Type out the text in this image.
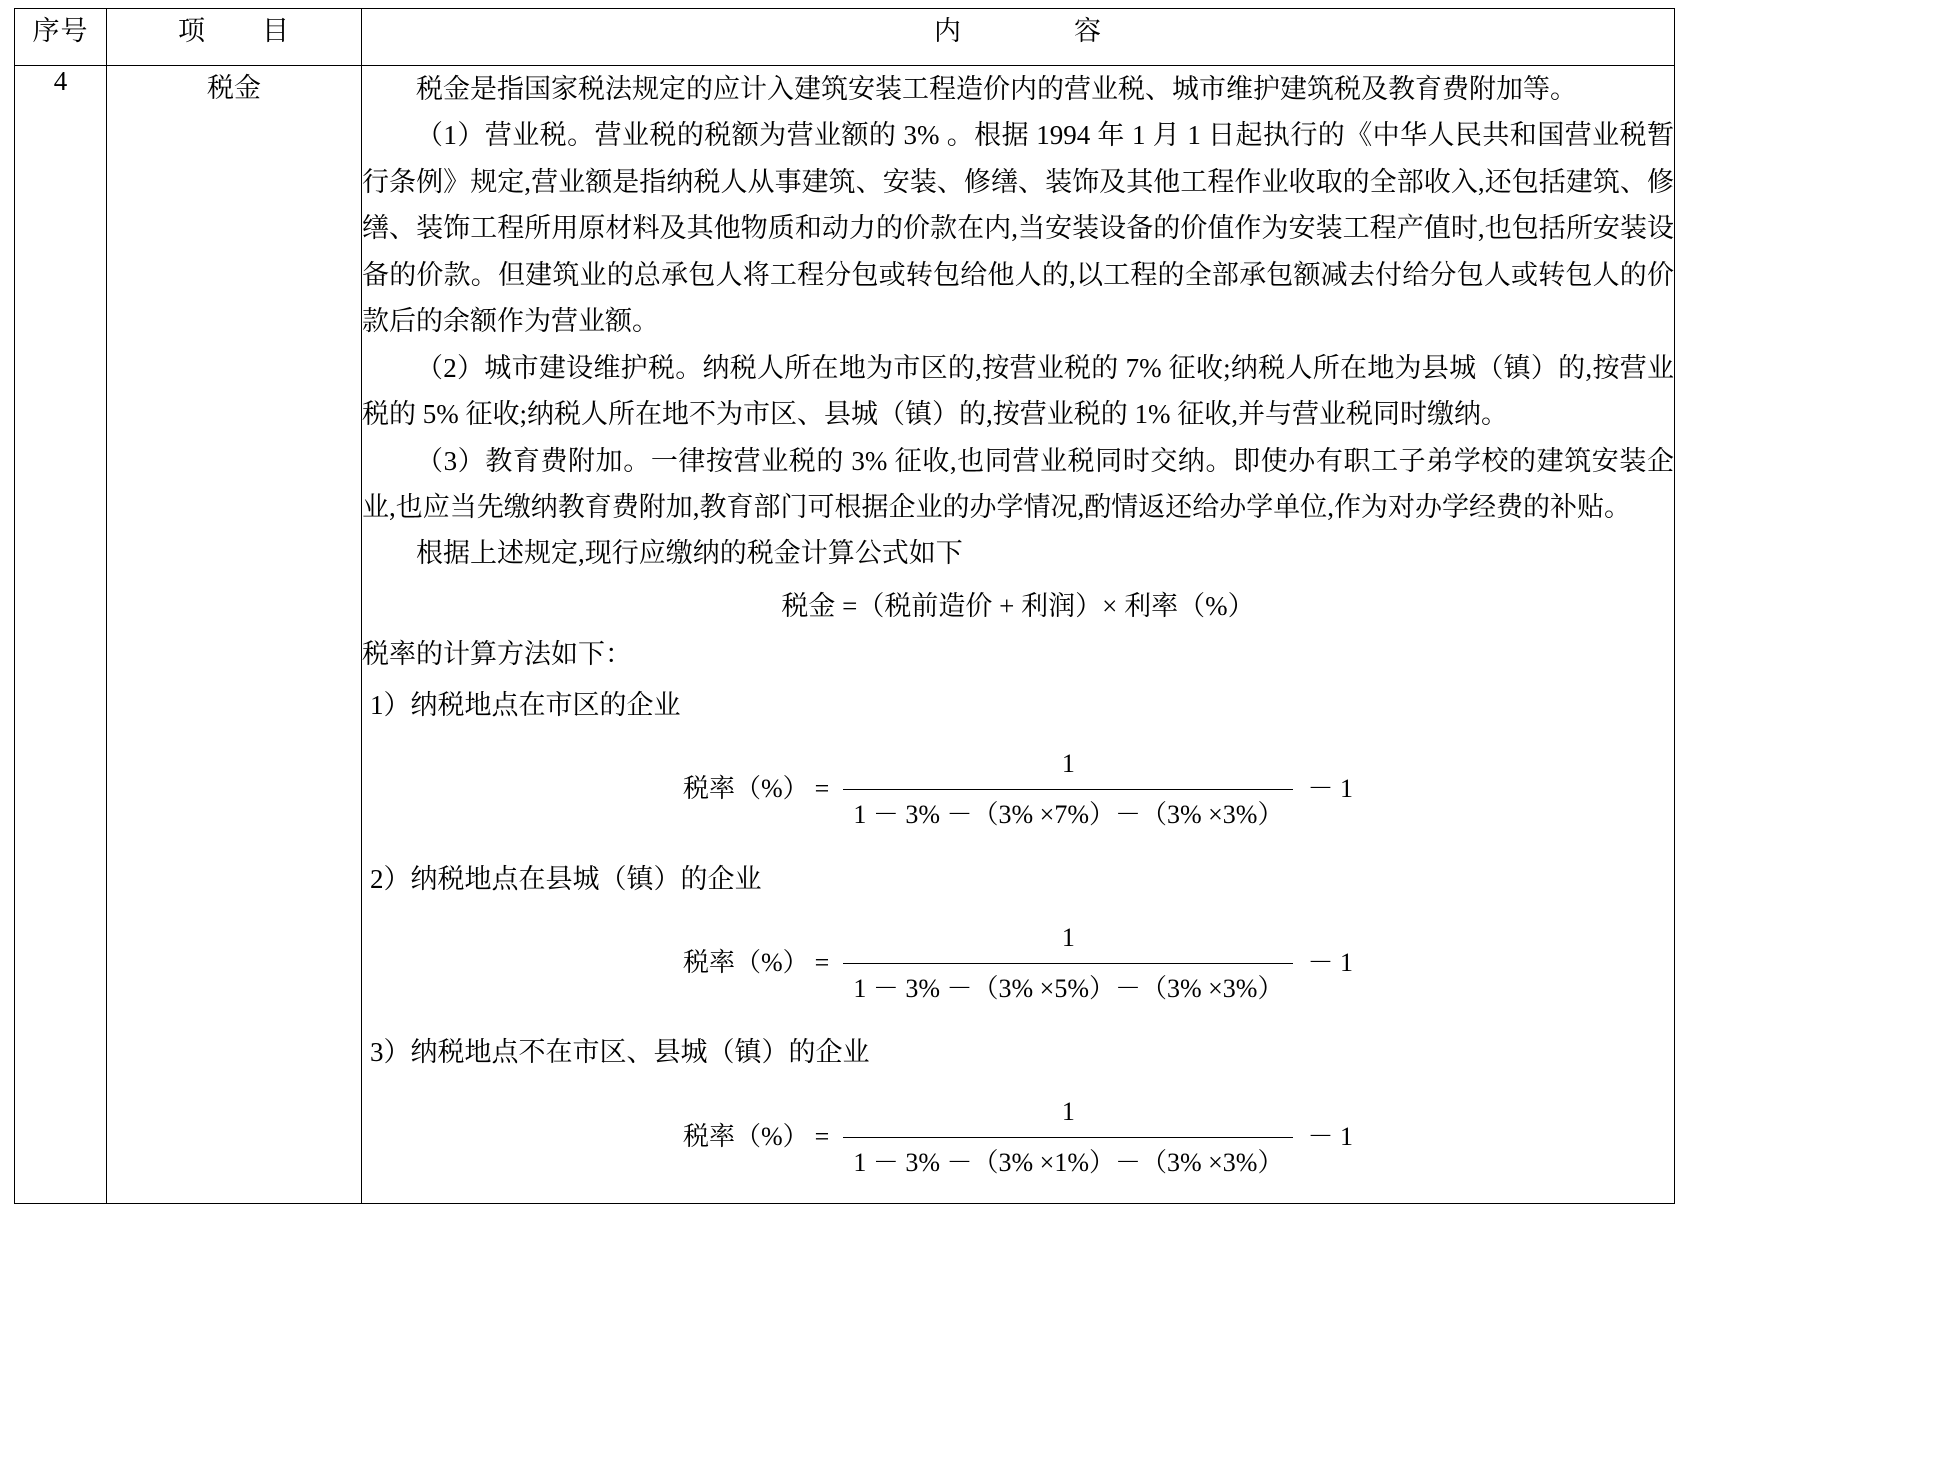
序号	项　　目	内　　　　容
4	税金	税金是指国家税法规定的应计入建筑安装工程造价内的营业税、城市维护建筑税及教育费附加等。

（1）营业税。营业税的税额为营业额的 3% 。根据 1994 年 1 月 1 日起执行的《中华人民共和国营业税暂行条例》规定,营业额是指纳税人从事建筑、安装、修缮、装饰及其他工程作业收取的全部收入,还包括建筑、修缮、装饰工程所用原材料及其他物质和动力的价款在内,当安装设备的价值作为安装工程产值时,也包括所安装设备的价款。但建筑业的总承包人将工程分包或转包给他人的,以工程的全部承包额减去付给分包人或转包人的价款后的余额作为营业额。

（2）城市建设维护税。纳税人所在地为市区的,按营业税的 7% 征收;纳税人所在地为县城（镇）的,按营业税的 5% 征收;纳税人所在地不为市区、县城（镇）的,按营业税的 1% 征收,并与营业税同时缴纳。

（3）教育费附加。一律按营业税的 3% 征收,也同营业税同时交纳。即使办有职工子弟学校的建筑安装企业,也应当先缴纳教育费附加,教育部门可根据企业的办学情况,酌情返还给办学单位,作为对办学经费的补贴。

根据上述规定,现行应缴纳的税金计算公式如下

税金 =（税前造价 + 利润）× 利率（%）

税率的计算方法如下：

1）纳税地点在市区的企业

税率（%） = $\frac{1}{1 - 3\% -(3\% \times 7\%)-(3\% \times 3\%)} - 1$

2）纳税地点在县城（镇）的企业

税率（%） = $\frac{1}{1 - 3\% -(3\% \times 5\%)-(3\% \times 3\%)} - 1$

3）纳税地点不在市区、县城（镇）的企业

税率（%） = $\frac{1}{1 - 3\% -(3\% \times 1\%)-(3\% \times 3\%)} - 1$
